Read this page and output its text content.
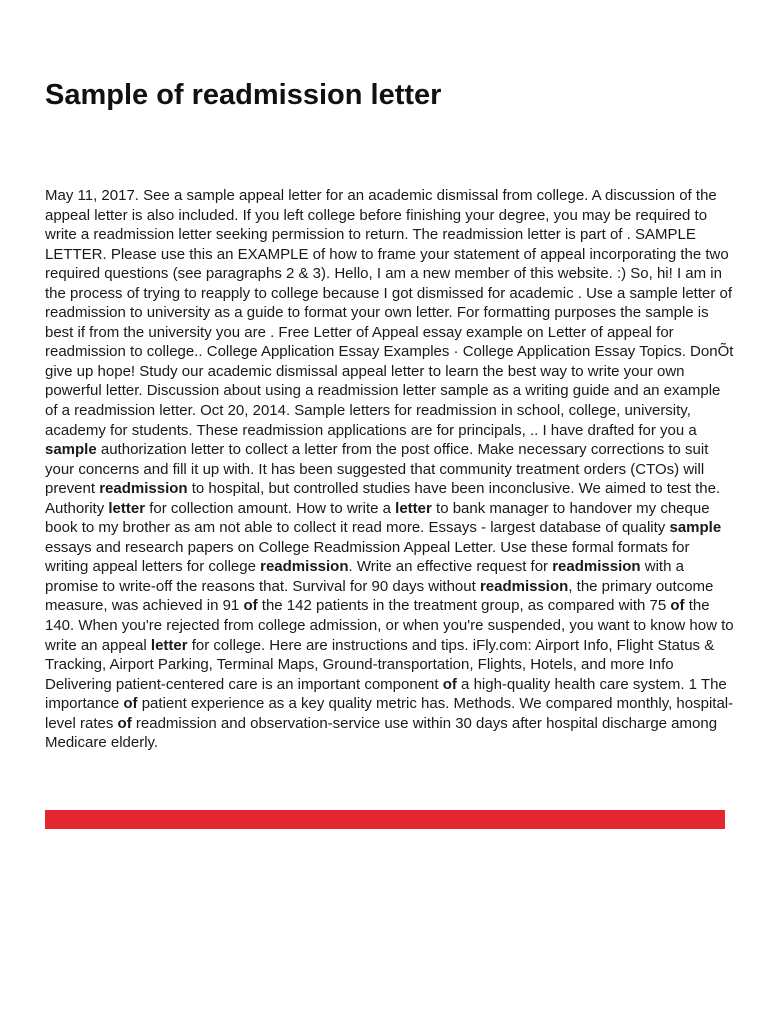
Sample of readmission letter

May 11, 2017. See a sample appeal letter for an academic dismissal from college. A discussion of the appeal letter is also included. If you left college before finishing your degree, you may be required to write a readmission letter seeking permission to return. The readmission letter is part of . SAMPLE LETTER. Please use this an EXAMPLE of how to frame your statement of appeal incorporating the two required questions (see paragraphs 2 & 3). Hello, I am a new member of this website. :) So, hi! I am in the process of trying to reapply to college because I got dismissed for academic . Use a sample letter of readmission to university as a guide to format your own letter. For formatting purposes the sample is best if from the university you are . Free Letter of Appeal essay example on Letter of appeal for readmission to college.. College Application Essay Examples · College Application Essay Topics. DonÕt give up hope! Study our academic dismissal appeal letter to learn the best way to write your own powerful letter. Discussion about using a readmission letter sample as a writing guide and an example of a readmission letter. Oct 20, 2014. Sample letters for readmission in school, college, university, academy for students. These readmission applications are for principals, .. I have drafted for you a sample authorization letter to collect a letter from the post office. Make necessary corrections to suit your concerns and fill it up with. It has been suggested that community treatment orders (CTOs) will prevent readmission to hospital, but controlled studies have been inconclusive. We aimed to test the. Authority letter for collection amount. How to write a letter to bank manager to handover my cheque book to my brother as am not able to collect it read more. Essays - largest database of quality sample essays and research papers on College Readmission Appeal Letter. Use these formal formats for writing appeal letters for college readmission. Write an effective request for readmission with a promise to write-off the reasons that. Survival for 90 days without readmission, the primary outcome measure, was achieved in 91 of the 142 patients in the treatment group, as compared with 75 of the 140. When you're rejected from college admission, or when you're suspended, you want to know how to write an appeal letter for college. Here are instructions and tips. iFly.com: Airport Info, Flight Status & Tracking, Airport Parking, Terminal Maps, Ground-transportation, Flights, Hotels, and more Info Delivering patient-centered care is an important component of a high-quality health care system. 1 The importance of patient experience as a key quality metric has. Methods. We compared monthly, hospital-level rates of readmission and observation-service use within 30 days after hospital discharge among Medicare elderly.
